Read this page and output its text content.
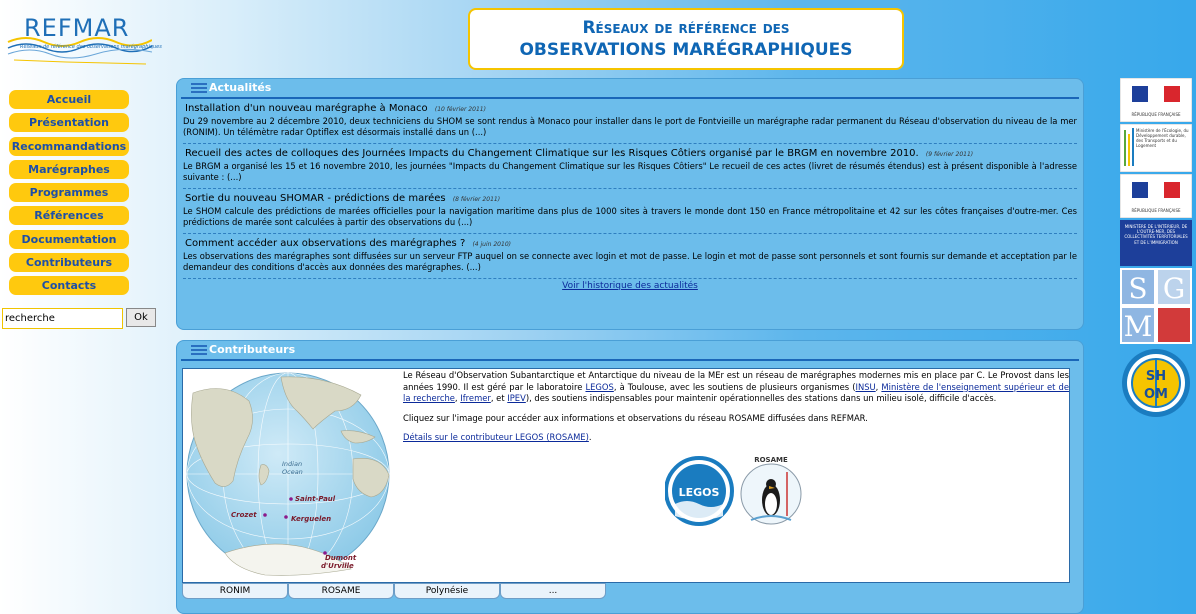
REFMAR
Réseaux de référence des observations marégraphiques
Réseaux de référence des
OBSERVATIONS MARÉGRAPHIQUES
Accueil
Présentation
Recommandations
Marégraphes
Programmes
Références
Documentation
Contributeurs
Contacts
recherche
Ok
Actualités
Installation d'un nouveau marégraphe à Monaco (10 février 2011)
Du 29 novembre au 2 décembre 2010, deux techniciens du SHOM se sont rendus à Monaco pour installer dans le port de Fontvieille un marégraphe radar permanent du Réseau d'observation du niveau de la mer (RONIM). Un télémètre radar Optiflex est désormais installé dans un (...)
Recueil des actes de colloques des Journées Impacts du Changement Climatique sur les Risques Côtiers organisé par le BRGM en novembre 2010. (9 février 2011)
Le BRGM a organisé les 15 et 16 novembre 2010, les journées "Impacts du Changement Climatique sur les Risques Côtiers" Le recueil de ces actes (livret de résumés étendus) est à présent disponible à l'adresse suivante : (...)
Sortie du nouveau SHOMAR - prédictions de marées (8 février 2011)
Le SHOM calcule des prédictions de marées officielles pour la navigation maritime dans plus de 1000 sites à travers le monde dont 150 en France métropolitaine et 42 sur les côtes françaises d'outre-mer. Ces prédictions de marée sont calculées à partir des observations du (...)
Comment accéder aux observations des marégraphes ? (4 juin 2010)
Les observations des marégraphes sont diffusées sur un serveur FTP auquel on se connecte avec login et mot de passe. Le login et mot de passe sont personnels et sont fournis sur demande et acceptation par le demandeur des conditions d'accès aux données des marégraphes. (...)
Voir l'historique des actualités
Contributeurs
Indian
Ocean
Saint-Paul
Crozet	Kerguelen
Dumont
d'Urville

Le Réseau d'Observation Subantarctique et Antarctique du niveau de la MEr est un réseau de marégraphes modernes mis en place par C. Le Provost dans les années 1990. Il est géré par le laboratoire LEGOS, à Toulouse, avec les soutiens de plusieurs organismes (INSU, Ministère de l'enseignement supérieur et de la recherche, Ifremer, et IPEV), des soutiens indispensables pour maintenir opérationnelles des stations dans un milieu isolé, difficile d'accès.

Cliquez sur l'image pour accéder aux informations et observations du réseau ROSAME diffusées dans REFMAR.

Détails sur le contributeur LEGOS (ROSAME).

LEGOS
ROSAME
RONIM	ROSAME	Polynésie	...
RÉPUBLIQUE FRANÇAISE
Ministère de l'Écologie, du Développement durable, des Transports et du Logement
RÉPUBLIQUE FRANÇAISE
MINISTÈRE DE L'INTÉRIEUR, DE L'OUTRE-MER, DES COLLECTIVITÉS TERRITORIALES ET DE L'IMMIGRATION
S G
M
SH
OM
